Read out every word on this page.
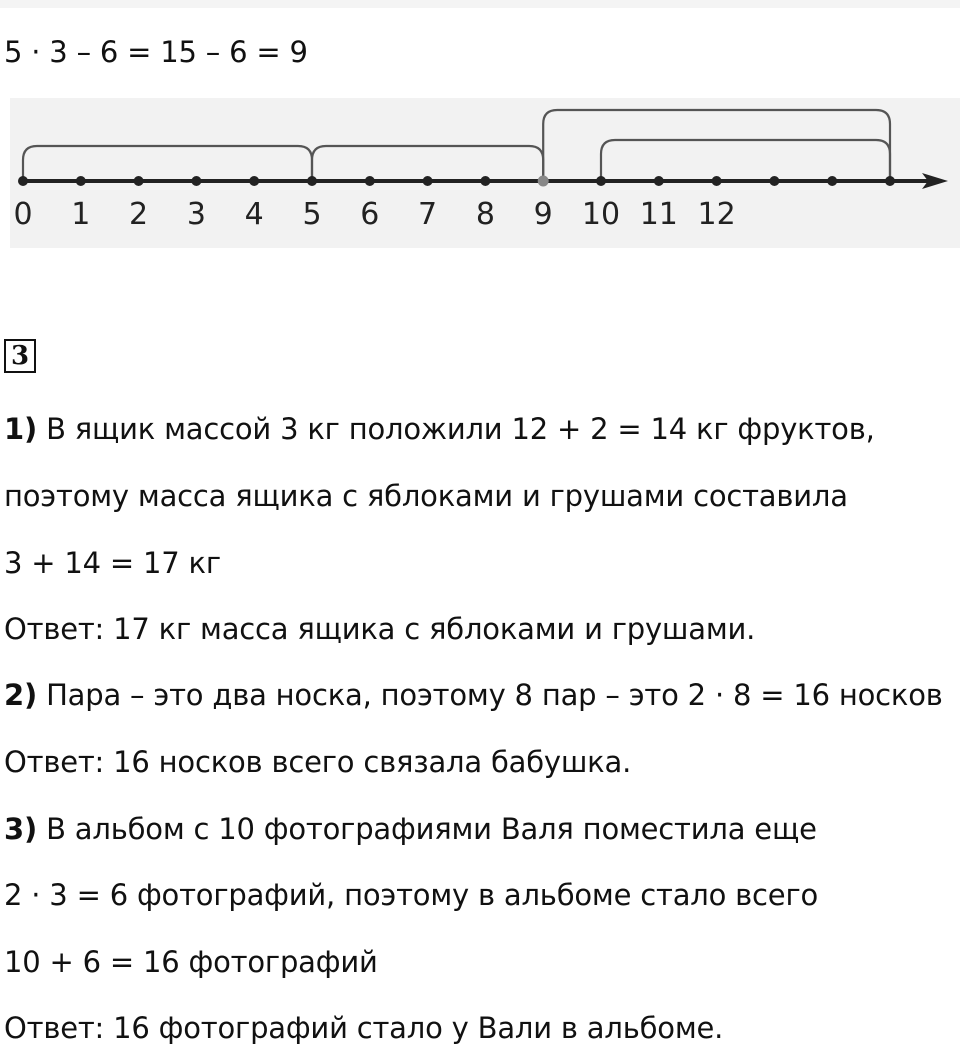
5 · 3 – 6 = 15 – 6 = 9
0 1 2 3 4 5 6 7 8 9 10 11 12
3
1) В ящик массой 3 кг положили 12 + 2 = 14 кг фруктов,
поэтому масса ящика с яблоками и грушами составила
3 + 14 = 17 кг
Ответ: 17 кг масса ящика с яблоками и грушами.
2) Пара – это два носка, поэтому 8 пар – это 2 · 8 = 16 носков
Ответ: 16 носков всего связала бабушка.
3) В альбом с 10 фотографиями Валя поместила еще
2 · 3 = 6 фотографий, поэтому в альбоме стало всего
10 + 6 = 16 фотографий
Ответ: 16 фотографий стало у Вали в альбоме.
